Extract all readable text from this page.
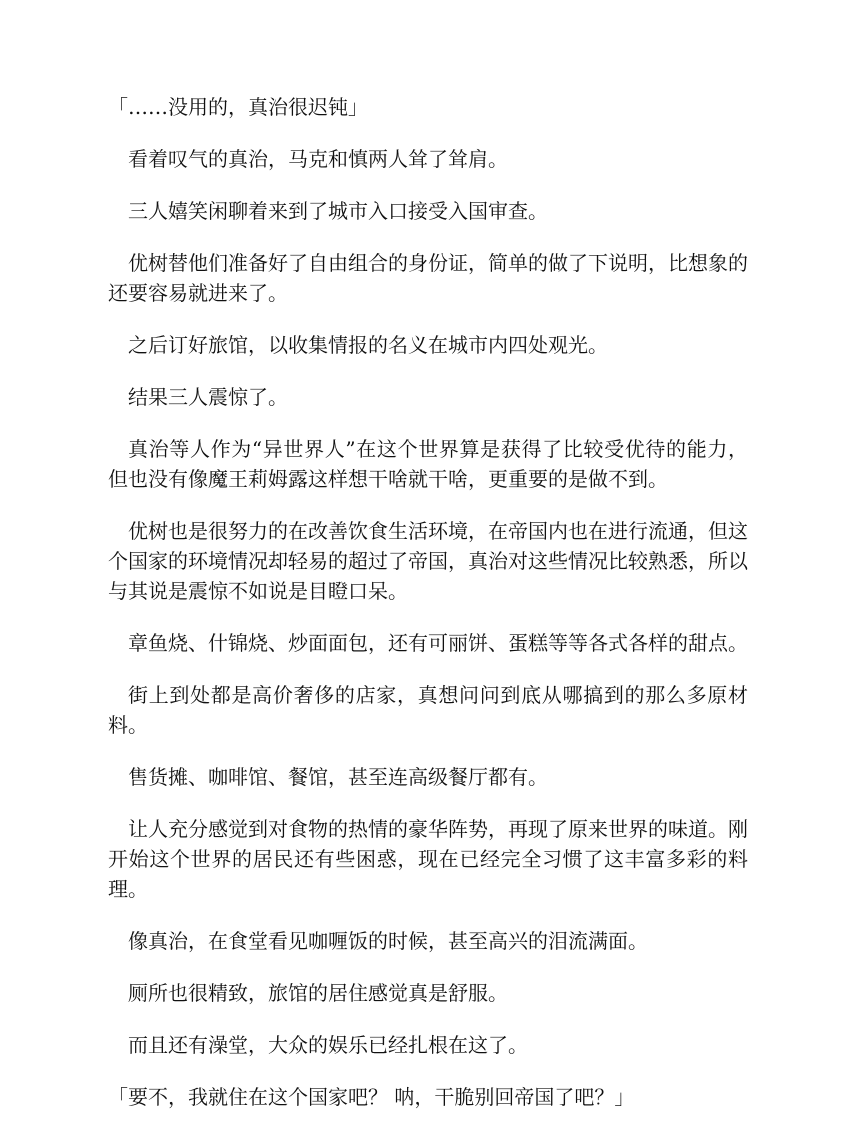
「……没用的，真治很迟钝」

看着叹气的真治，马克和慎两人耸了耸肩。

三人嬉笑闲聊着来到了城市入口接受入国审查。

优树替他们准备好了自由组合的身份证，简单的做了下说明，比想象的还要容易就进来了。

之后订好旅馆，以收集情报的名义在城市内四处观光。

结果三人震惊了。

真治等人作为“异世界人”在这个世界算是获得了比较受优待的能力，但也没有像魔王莉姆露这样想干啥就干啥，更重要的是做不到。

优树也是很努力的在改善饮食生活环境，在帝国内也在进行流通，但这个国家的环境情况却轻易的超过了帝国，真治对这些情况比较熟悉，所以与其说是震惊不如说是目瞪口呆。

章鱼烧、什锦烧、炒面面包，还有可丽饼、蛋糕等等各式各样的甜点。

街上到处都是高价奢侈的店家，真想问问到底从哪搞到的那么多原材料。

售货摊、咖啡馆、餐馆，甚至连高级餐厅都有。

让人充分感觉到对食物的热情的豪华阵势，再现了原来世界的味道。刚开始这个世界的居民还有些困惑，现在已经完全习惯了这丰富多彩的料理。

像真治，在食堂看见咖喱饭的时候，甚至高兴的泪流满面。

厕所也很精致，旅馆的居住感觉真是舒服。

而且还有澡堂，大众的娱乐已经扎根在这了。

「要不，我就住在这个国家吧？ 呐，干脆别回帝国了吧？」
